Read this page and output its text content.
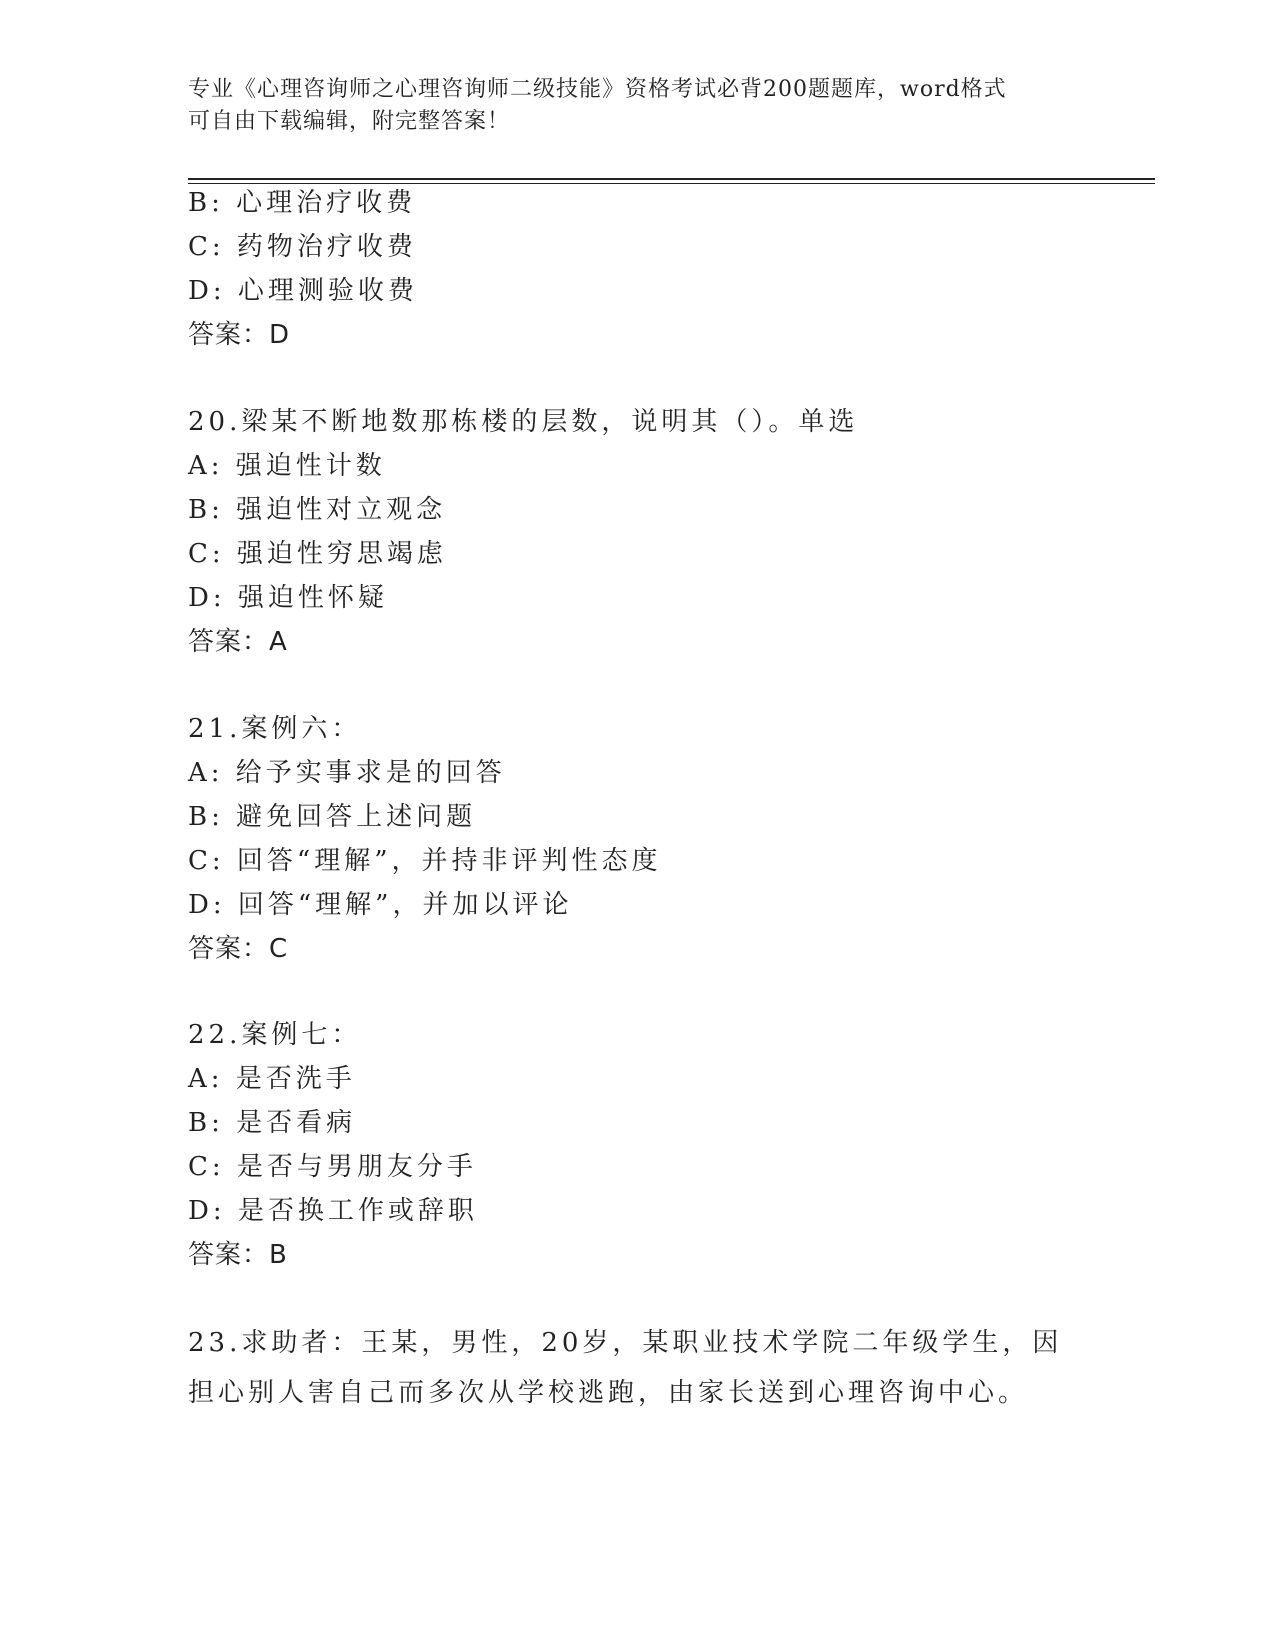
专业《心理咨询师之心理咨询师二级技能》资格考试必背200题题库，word格式
可自由下载编辑，附完整答案！
B: 心理治疗收费
C: 药物治疗收费
D: 心理测验收费
答案：D
20.梁某不断地数那栋楼的层数，说明其（）。单选
A: 强迫性计数
B: 强迫性对立观念
C: 强迫性穷思竭虑
D: 强迫性怀疑
答案：A
21.案例六：
A: 给予实事求是的回答
B: 避免回答上述问题
C: 回答“理解”，并持非评判性态度
D: 回答“理解”，并加以评论
答案：C
22.案例七：
A: 是否洗手
B: 是否看病
C: 是否与男朋友分手
D: 是否换工作或辞职
答案：B
23.求助者：王某，男性，20岁，某职业技术学院二年级学生，因担心别人害自己而多次从学校逃跑，由家长送到心理咨询中心。
